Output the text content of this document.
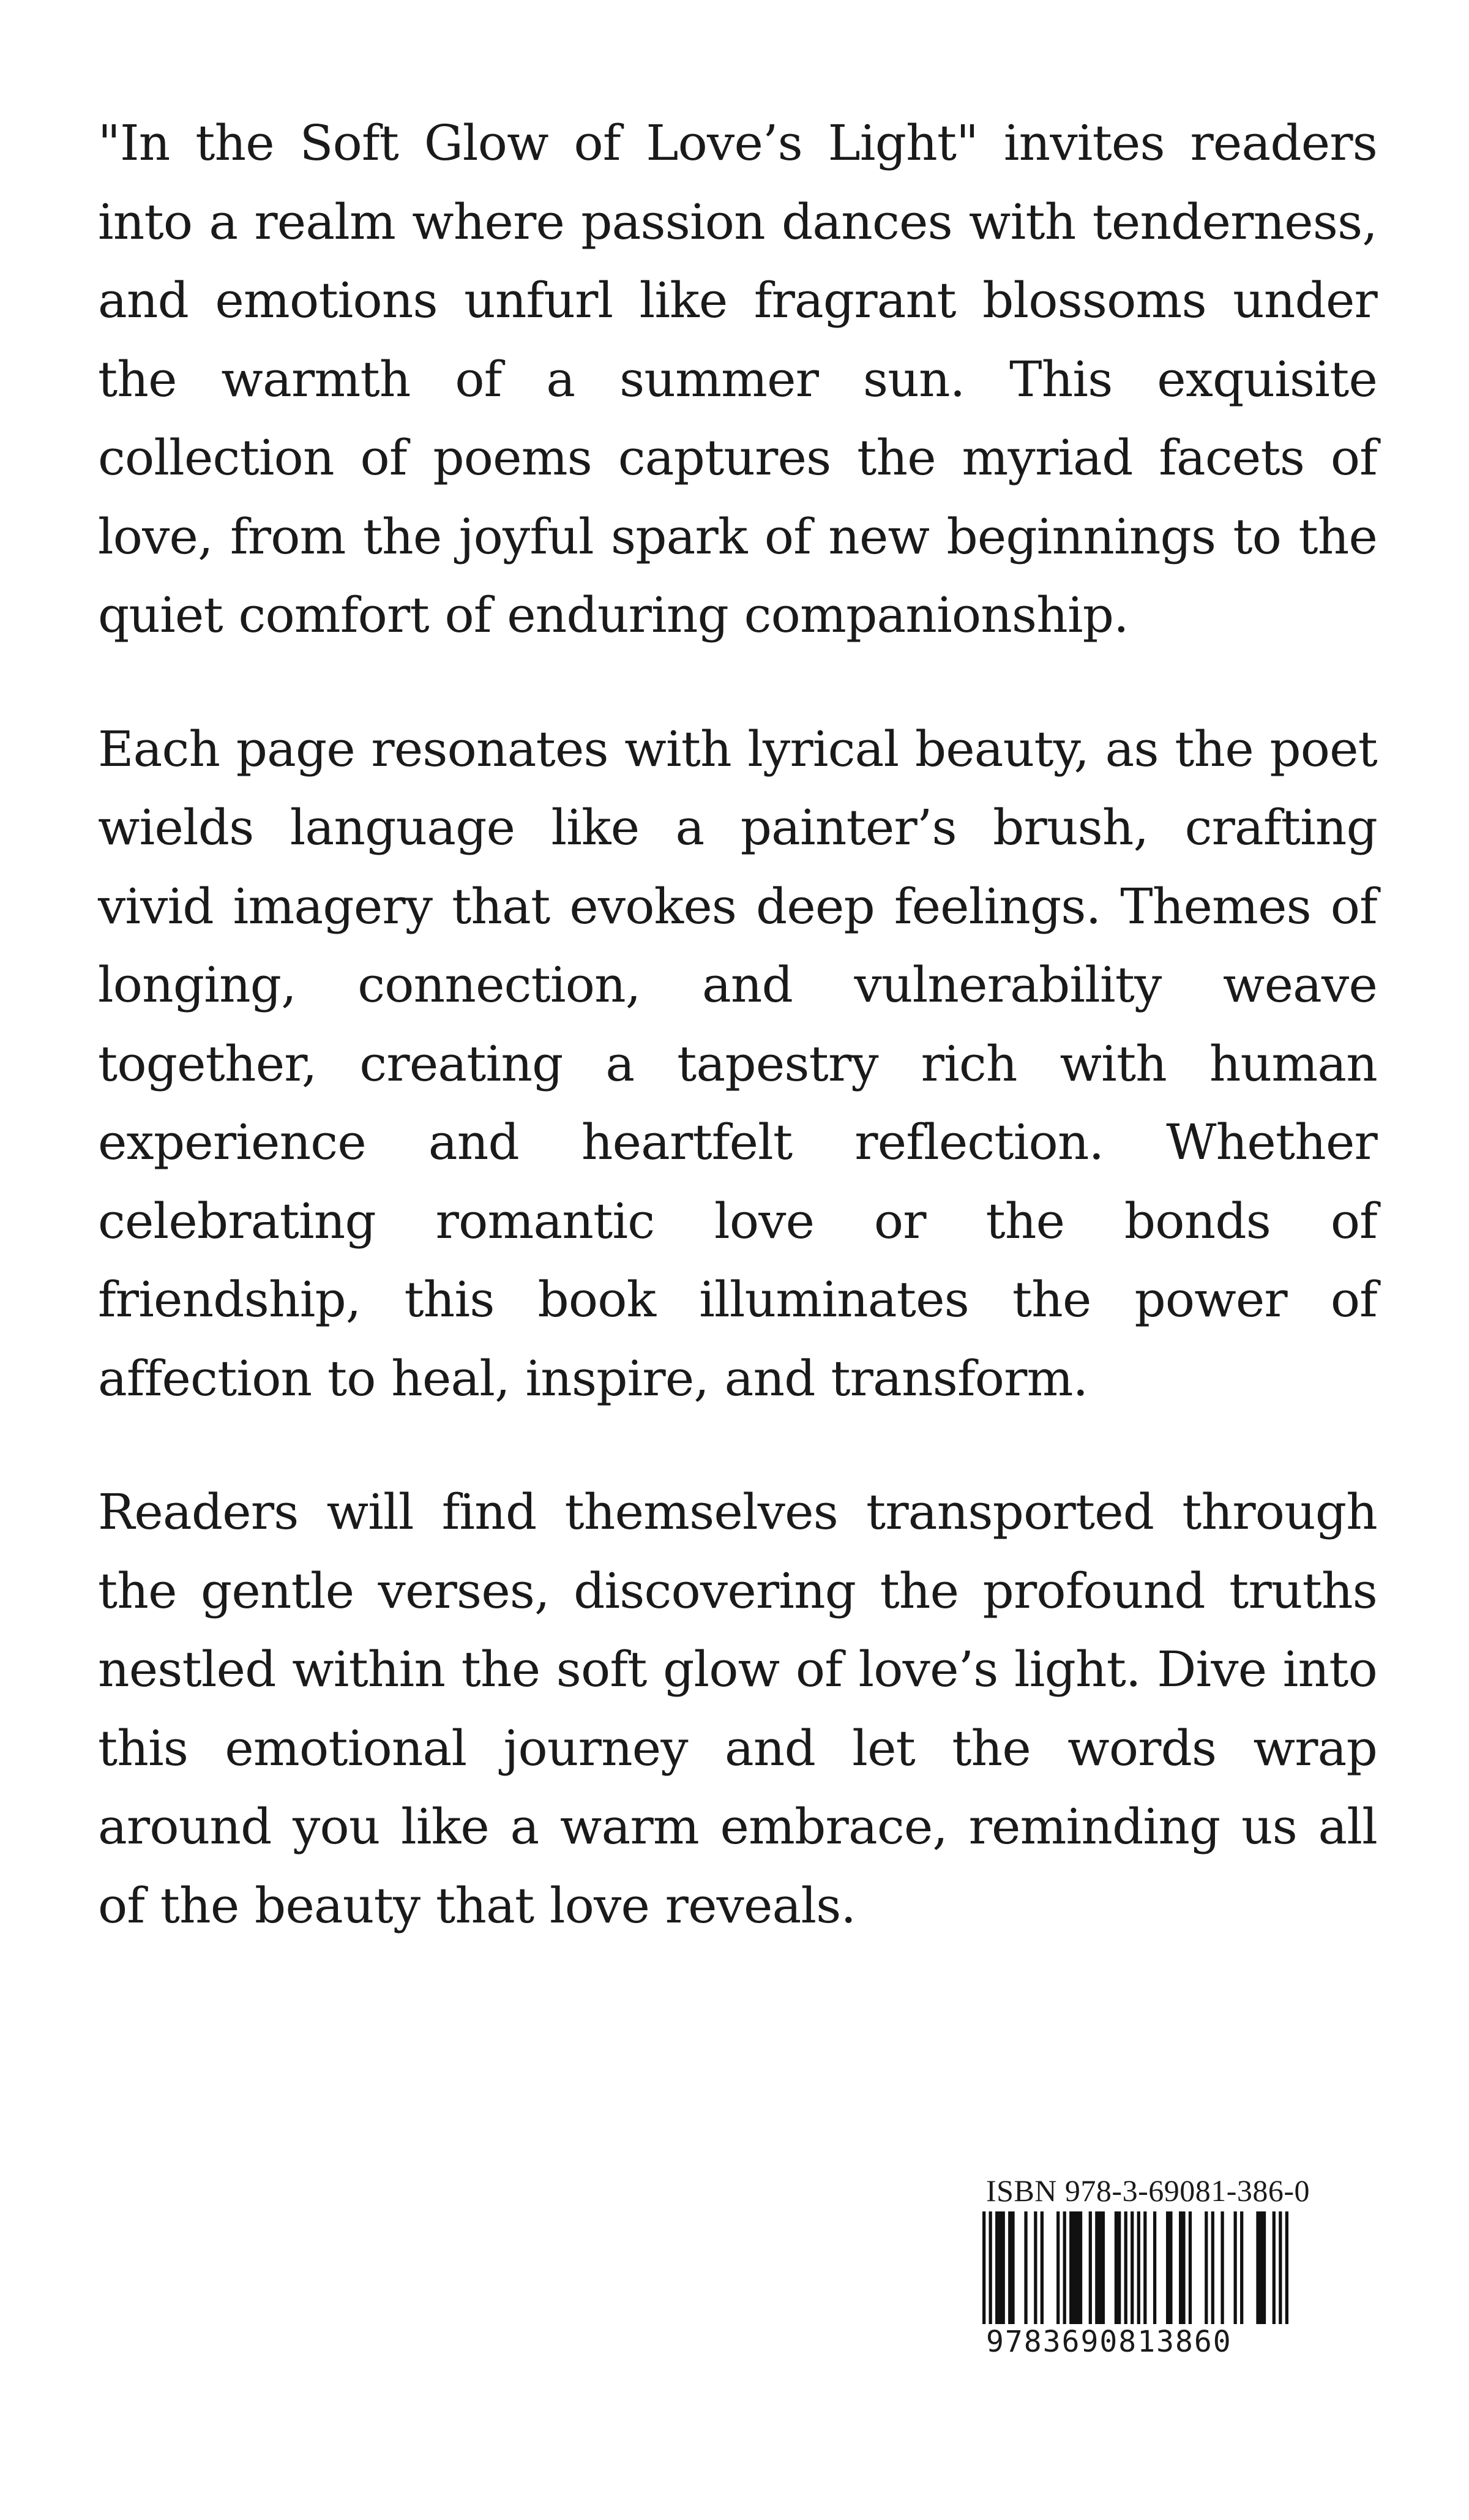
"In the Soft Glow of Love’s Light" invites readers into a realm where passion dances with tenderness, and emotions unfurl like fragrant blossoms under the warmth of a summer sun. This exquisite collection of poems captures the myriad facets of love, from the joyful spark of new beginnings to the quiet comfort of enduring companionship.

Each page resonates with lyrical beauty, as the poet wields language like a painter’s brush, crafting vivid imagery that evokes deep feelings. Themes of longing, connection, and vulnerability weave together, creating a tapestry rich with human experience and heartfelt reflection. Whether celebrating romantic love or the bonds of friendship, this book illuminates the power of affection to heal, inspire, and transform.

Readers will find themselves transported through the gentle verses, discovering the profound truths nestled within the soft glow of love’s light. Dive into this emotional journey and let the words wrap around you like a warm embrace, reminding us all of the beauty that love reveals.

ISBN 978-3-69081-386-0
9783690813860
